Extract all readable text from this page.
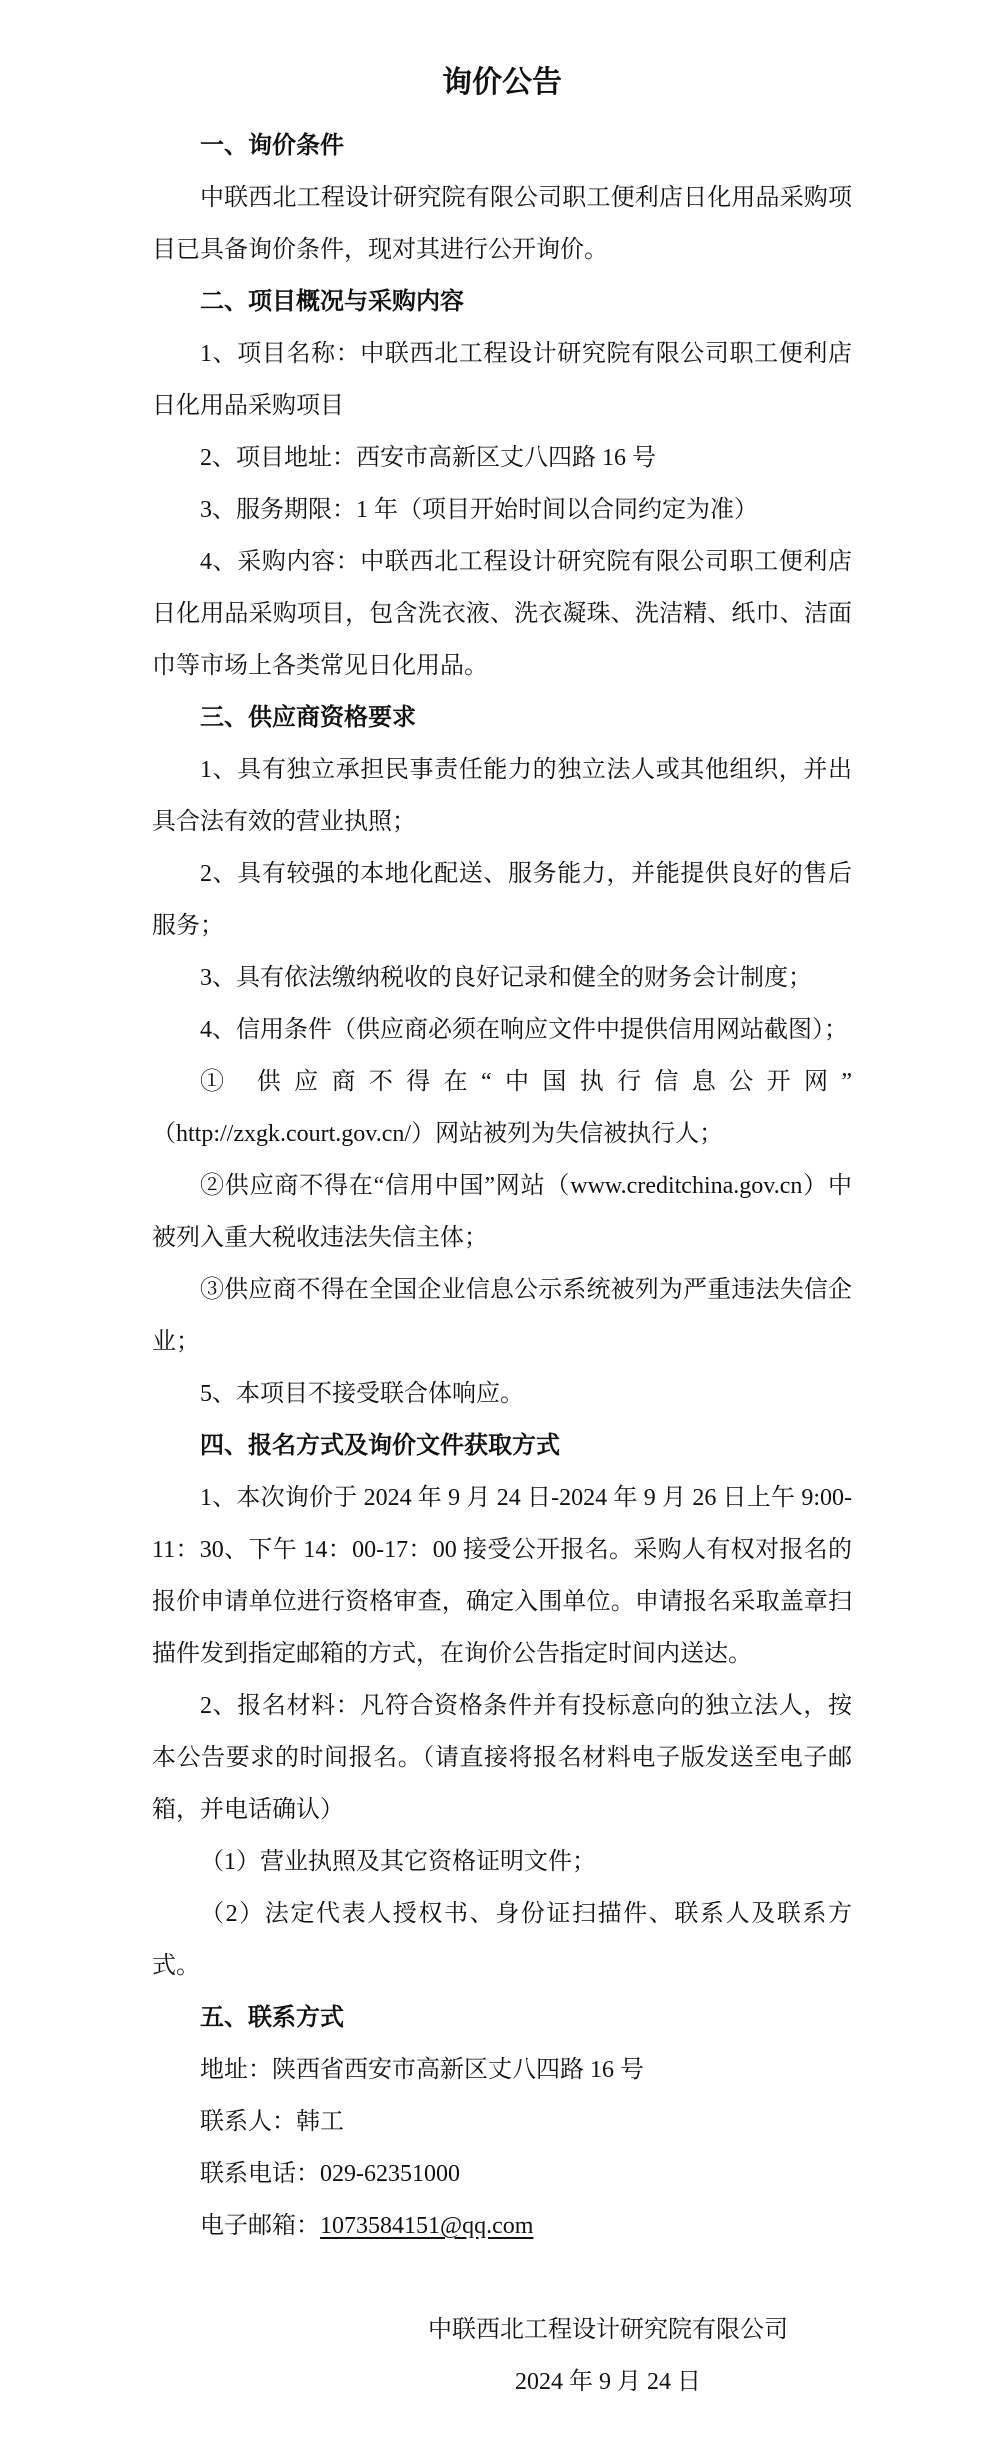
询价公告

一、询价条件

中联西北工程设计研究院有限公司职工便利店日化用品采购项目已具备询价条件，现对其进行公开询价。

二、项目概况与采购内容

1、项目名称：中联西北工程设计研究院有限公司职工便利店日化用品采购项目

2、项目地址：西安市高新区丈八四路 16 号

3、服务期限：1 年（项目开始时间以合同约定为准）

4、采购内容：中联西北工程设计研究院有限公司职工便利店日化用品采购项目，包含洗衣液、洗衣凝珠、洗洁精、纸巾、洁面巾等市场上各类常见日化用品。

三、供应商资格要求

1、具有独立承担民事责任能力的独立法人或其他组织，并出具合法有效的营业执照；

2、具有较强的本地化配送、服务能力，并能提供良好的售后服务；

3、具有依法缴纳税收的良好记录和健全的财务会计制度；

4、信用条件（供应商必须在响应文件中提供信用网站截图）；

① 供应商不得在“中国执行信息公开网”

（http://zxgk.court.gov.cn/）网站被列为失信被执行人；

②供应商不得在“信用中国”网站（www.creditchina.gov.cn）中被列入重大税收违法失信主体；

③供应商不得在全国企业信息公示系统被列为严重违法失信企业；

5、本项目不接受联合体响应。

四、报名方式及询价文件获取方式

1、本次询价于 2024 年 9 月 24 日-2024 年 9 月 26 日上午 9:00-11：30、下午 14：00-17：00 接受公开报名。采购人有权对报名的报价申请单位进行资格审查，确定入围单位。申请报名采取盖章扫描件发到指定邮箱的方式，在询价公告指定时间内送达。

2、报名材料：凡符合资格条件并有投标意向的独立法人，按本公告要求的时间报名。（请直接将报名材料电子版发送至电子邮箱，并电话确认）

（1）营业执照及其它资格证明文件；

（2）法定代表人授权书、身份证扫描件、联系人及联系方式。

五、联系方式

地址：陕西省西安市高新区丈八四路 16 号

联系人：韩工

联系电话：029-62351000

电子邮箱：1073584151@qq.com

中联西北工程设计研究院有限公司

2024 年 9 月 24 日
